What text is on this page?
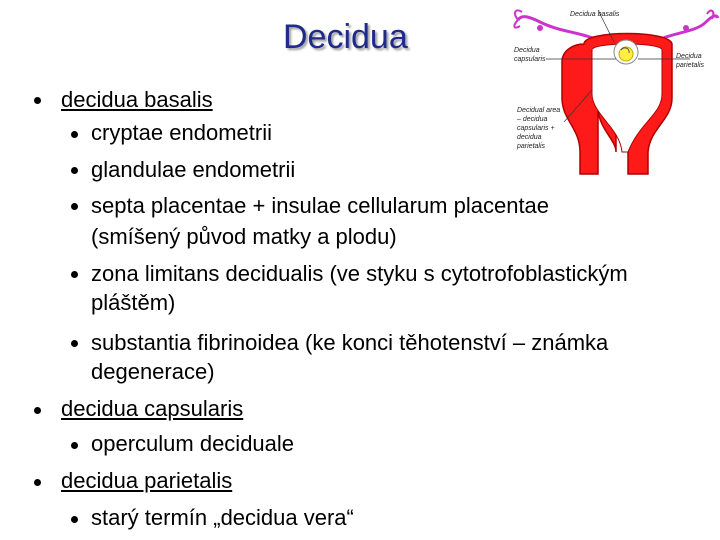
Decidua
decidua basalis
cryptae endometrii
glandulae endometrii
septa placentae + insulae cellularum placentae
(smíšený původ matky a plodu)
zona limitans decidualis (ve styku s cytotrofoblastickým
pláštěm)
substantia fibrinoidea (ke konci těhotenství – známka
degenerace)
decidua capsularis
operculum deciduale
decidua parietalis
starý termín „decidua vera“
Decidua basalis
Decidua
capsularis	Decidua
parietalis
Decidual area
– decidua
capsularis +
decidua
parietalis
